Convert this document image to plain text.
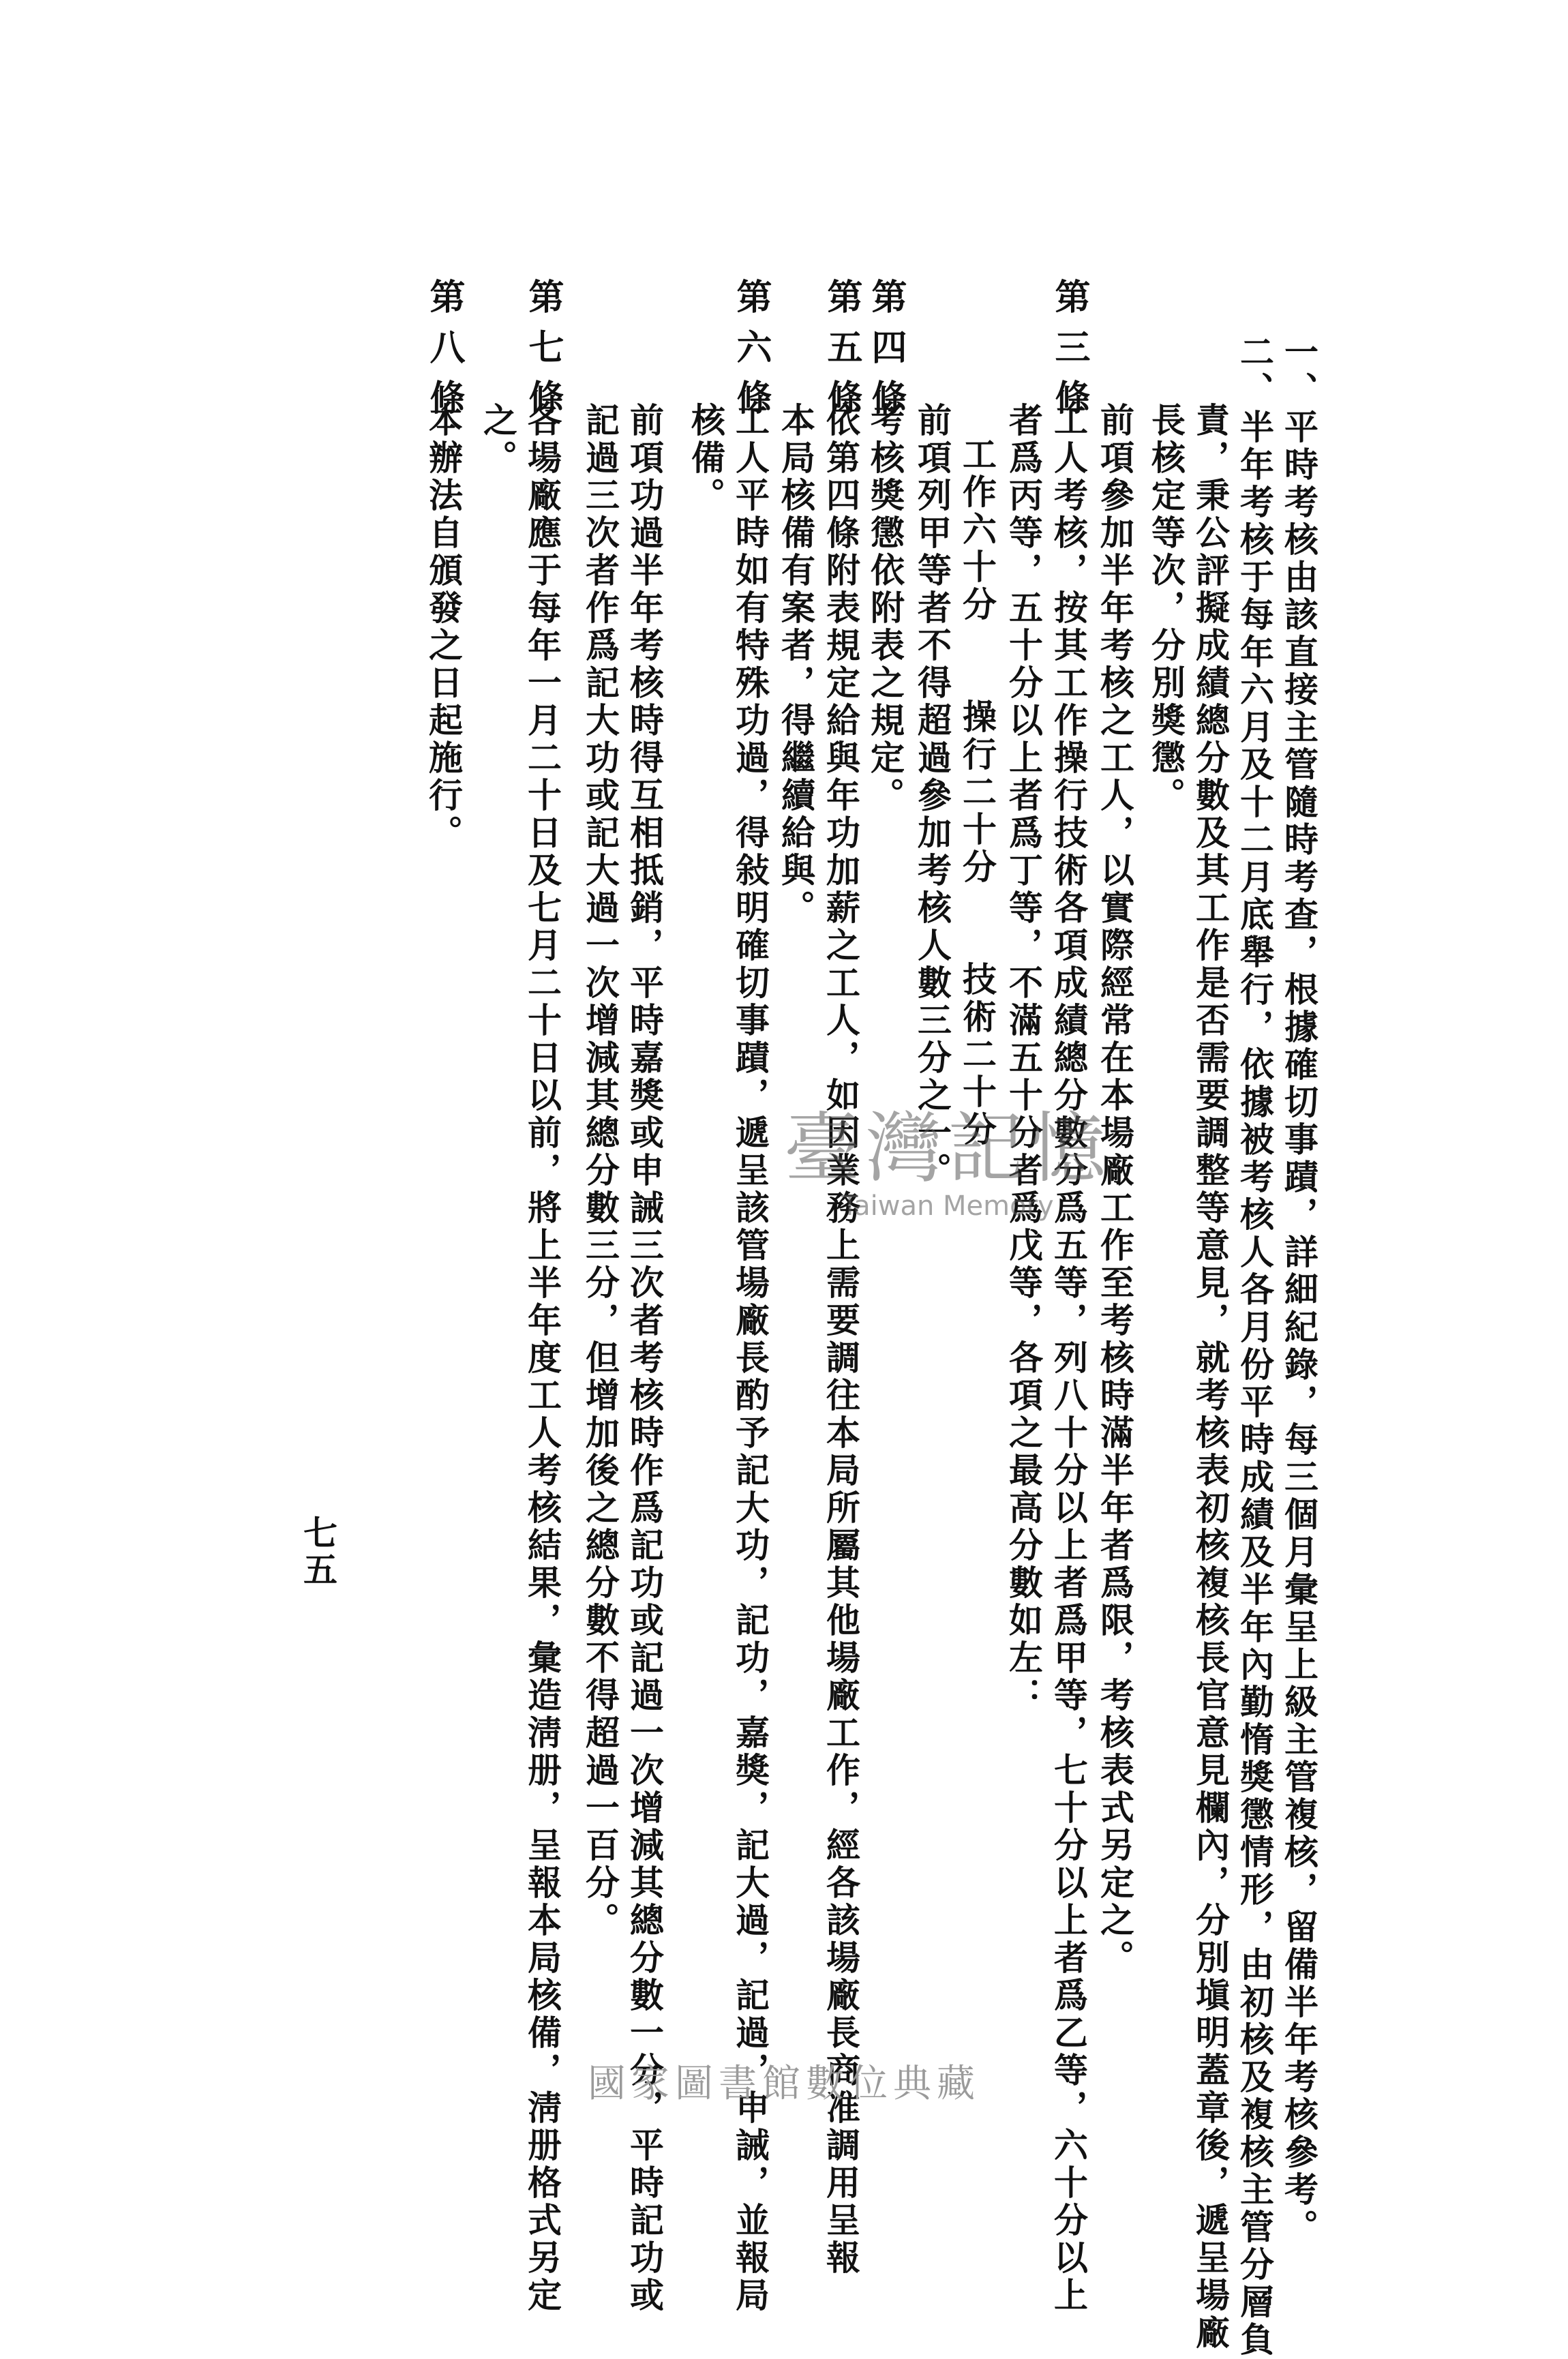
一、平時考核由該直接主管隨時考查，根據確切事蹟，詳細紀錄，每三個月彙呈上級主管複核，留備半年考核參考。
二、半年考核于每年六月及十二月底舉行，依據被考核人各月份平時成績及半年內勤惰獎懲情形，由初核及複核主管分層負
責，秉公評擬成績總分數及其工作是否需要調整等意見，就考核表初核複核長官意見欄內，分別塡明蓋章後，遞呈場廠
長核定等次，分別獎懲。
前項參加半年考核之工人，以實際經常在本場廠工作至考核時滿半年者爲限，考核表式另定之。
工人考核，按其工作操行技術各項成績總分數分爲五等，列八十分以上者爲甲等，七十分以上者爲乙等，六十分以上
者爲丙等，五十分以上者爲丁等，不滿五十分者爲戊等，各項之最高分數如左：
工作六十分　　操行二十分　　技術二十分
前項列甲等者不得超過參加考核人數三分之一。
考核獎懲依附表之規定。
依第四條附表規定給與年功加薪之工人，如因業務上需要調往本局所屬其他場廠工作，經各該場廠長商准調用呈報
本局核備有案者，得繼續給與。
工人平時如有特殊功過，得敍明確切事蹟，遞呈該管場廠長酌予記大功，記功，嘉獎，記大過，記過，申誡，並報局
核備。
前項功過半年考核時得互相抵銷，平時嘉獎或申誡三次者考核時作爲記功或記過一次增減其總分數一分，平時記功或
記過三次者作爲記大功或記大過一次增減其總分數三分，但增加後之總分數不得超過一百分。
各場廠應于每年一月二十日及七月二十日以前，將上半年度工人考核結果，彙造淸册，呈報本局核備，淸册格式另定
之。
本辦法自頒發之日起施行。
第三條
第四條
第五條
第六條
第七條
第八條
七五
臺灣記憶
Taiwan Memory
國家圖書館數位典藏
